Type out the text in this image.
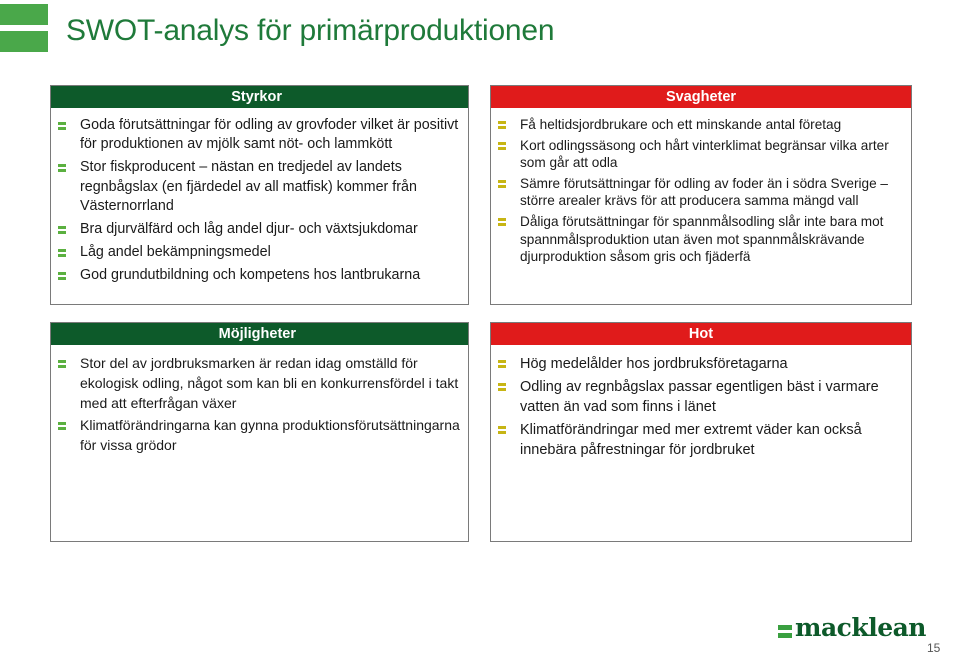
SWOT-analys för primärproduktionen
Styrkor
Goda förutsättningar för odling av grovfoder vilket är positivt för produktionen av mjölk samt nöt- och lammkött
Stor fiskproducent – nästan en tredjedel av landets regnbågslax (en fjärdedel av all matfisk) kommer från Västernorrland
Bra djurvälfärd och låg andel djur- och växtsjukdomar
Låg andel bekämpningsmedel
God grundutbildning och kompetens hos lantbrukarna
Svagheter
Få heltidsjordbrukare och ett minskande antal företag
Kort odlingssäsong och hårt vinterklimat begränsar vilka arter som går att odla
Sämre förutsättningar för odling av foder än i södra Sverige – större arealer krävs för att producera samma mängd vall
Dåliga förutsättningar för spannmålsodling slår inte bara mot spannmålsproduktion utan även mot spannmålskrävande djurproduktion såsom gris och fjäderfä
Möjligheter
Stor del av jordbruksmarken är redan idag omställd för ekologisk odling, något som kan bli en konkurrensfördel i takt med att efterfrågan växer
Klimatförändringarna kan gynna produktionsförutsättningarna för vissa grödor
Hot
Hög medelålder hos jordbruksföretagarna
Odling av regnbågslax passar egentligen bäst i varmare vatten än vad som finns i länet
Klimatförändringar med mer extremt väder kan också innebära påfrestningar för jordbruket
macklean
15
